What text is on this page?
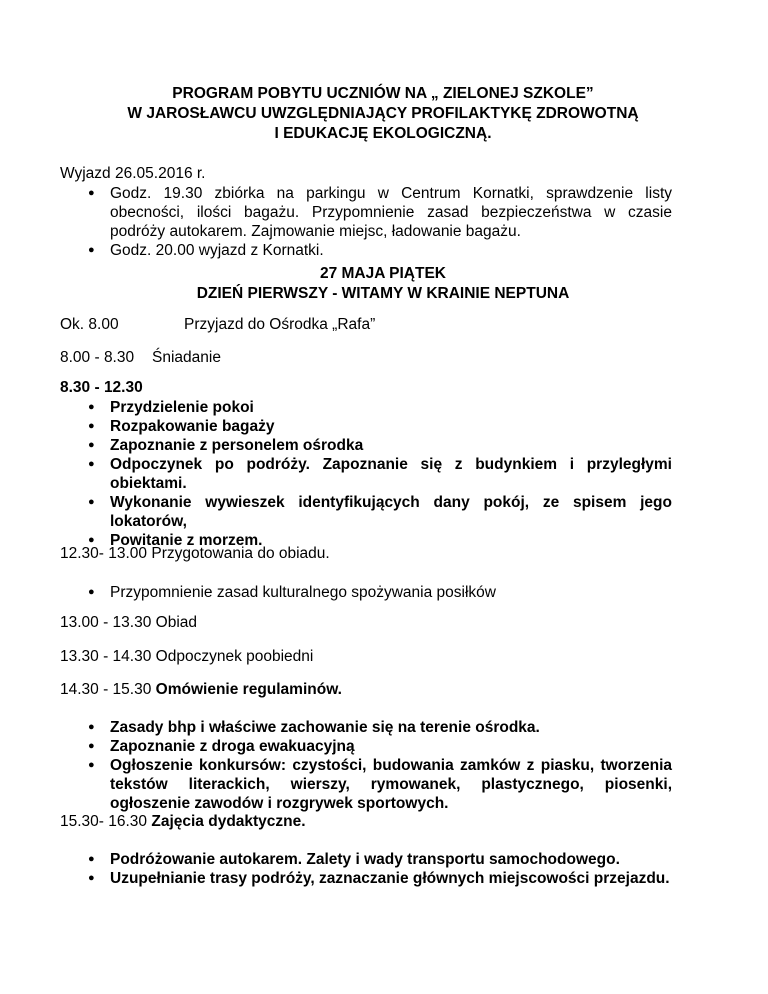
PROGRAM POBYTU UCZNIÓW NA „ ZIELONEJ SZKOLE”
W JAROSŁAWCU UWZGLĘDNIAJĄCY PROFILAKTYKĘ ZDROWOTNĄ
I EDUKACJĘ EKOLOGICZNĄ.
Wyjazd 26.05.2016 r.
● Godz. 19.30 zbiórka na parkingu w Centrum Kornatki, sprawdzenie listy obecności, ilości bagażu. Przypomnienie zasad bezpieczeństwa w czasie podróży autokarem. Zajmowanie miejsc, ładowanie bagażu.
● Godz. 20.00 wyjazd z Kornatki.
27 MAJA PIĄTEK
DZIEŃ PIERWSZY - WITAMY W KRAINIE NEPTUNA
Ok. 8.00	Przyjazd do Ośrodka „Rafa”
8.00 - 8.30 Śniadanie
8.30 - 12.30
● Przydzielenie pokoi
● Rozpakowanie bagaży
● Zapoznanie z personelem ośrodka
● Odpoczynek po podróży. Zapoznanie się z budynkiem i przyległymi obiektami.
● Wykonanie wywieszek identyfikujących dany pokój, ze spisem jego lokatorów,
● Powitanie z morzem.
12.30- 13.00 Przygotowania do obiadu.
● Przypomnienie zasad kulturalnego spożywania posiłków
13.00 - 13.30 Obiad
13.30 - 14.30 Odpoczynek poobiedni
14.30 - 15.30 Omówienie regulaminów.
● Zasady bhp i właściwe zachowanie się na terenie ośrodka.
● Zapoznanie z droga ewakuacyjną
● Ogłoszenie konkursów: czystości, budowania zamków z piasku, tworzenia tekstów literackich, wierszy, rymowanek, plastycznego, piosenki, ogłoszenie zawodów i rozgrywek sportowych.
15.30- 16.30 Zajęcia dydaktyczne.
● Podróżowanie autokarem. Zalety i wady transportu samochodowego.
● Uzupełnianie trasy podróży, zaznaczanie głównych miejscowości przejazdu.
